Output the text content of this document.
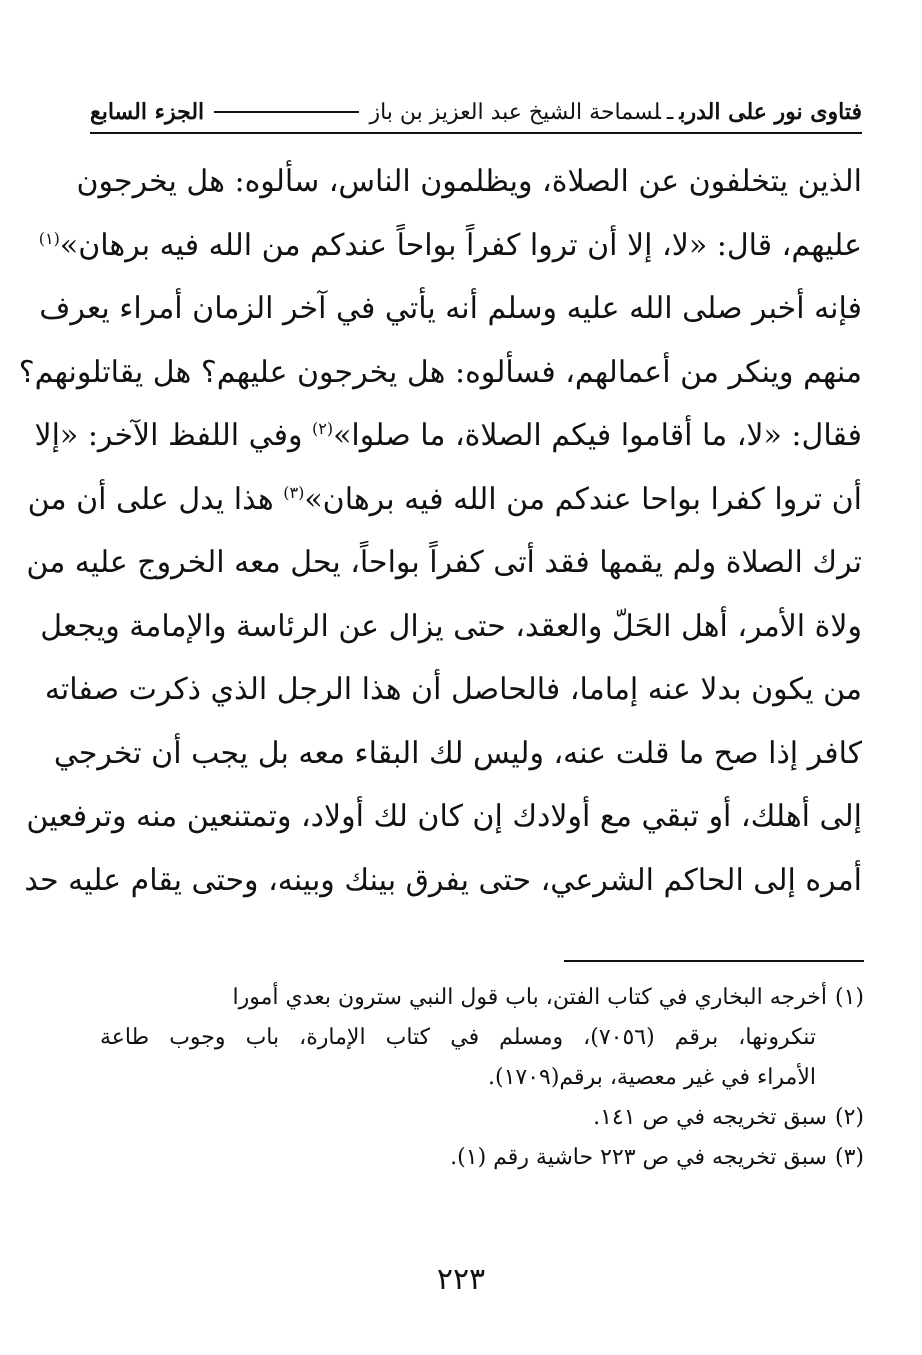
فتاوى نور على الدربـلسماحة الشيخ عبد العزيز بن باز
الجزء السابع
الذين يتخلفون عن الصلاة، ويظلمون الناس، سألوه: هل يخرجون
عليهم، قال: «لا، إلا أن تروا كفراً بواحاً عندكم من الله فيه برهان»$^{(١)}$
فإنه أخبر صلى الله عليه وسلم أنه يأتي في آخر الزمان أمراء يعرف
منهم وينكر من أعمالهم، فسألوه: هل يخرجون عليهم؟ هل يقاتلونهم؟
فقال: «لا، ما أقاموا فيكم الصلاة، ما صلوا»$^{(٢)}$ وفي اللفظ الآخر: «إلا
أن تروا كفرا بواحا عندكم من الله فيه برهان»$^{(٣)}$ هذا يدل على أن من
ترك الصلاة ولم يقمها فقد أتى كفراً بواحاً، يحل معه الخروج عليه من
ولاة الأمر، أهل الحَلّ والعقد، حتى يزال عن الرئاسة والإمامة ويجعل
من يكون بدلا عنه إماما، فالحاصل أن هذا الرجل الذي ذكرت صفاته
كافر إذا صح ما قلت عنه، وليس لك البقاء معه بل يجب أن تخرجي
إلى أهلك، أو تبقي مع أولادك إن كان لك أولاد، وتمتنعين منه وترفعين
أمره إلى الحاكم الشرعي، حتى يفرق بينك وبينه، وحتى يقام عليه حد
(١)أخرجه البخاري في كتاب الفتن، باب قول النبي سترون بعدي أمورا
تنكرونها، برقم (٧٠٥٦)، ومسلم في كتاب الإمارة، باب وجوب طاعة
الأمراء في غير معصية، برقم(١٧٠٩).
(٢)سبق تخريجه في ص ١٤١.
(٣)سبق تخريجه في ص ٢٢٣ حاشية رقم (١).
٢٢٣
